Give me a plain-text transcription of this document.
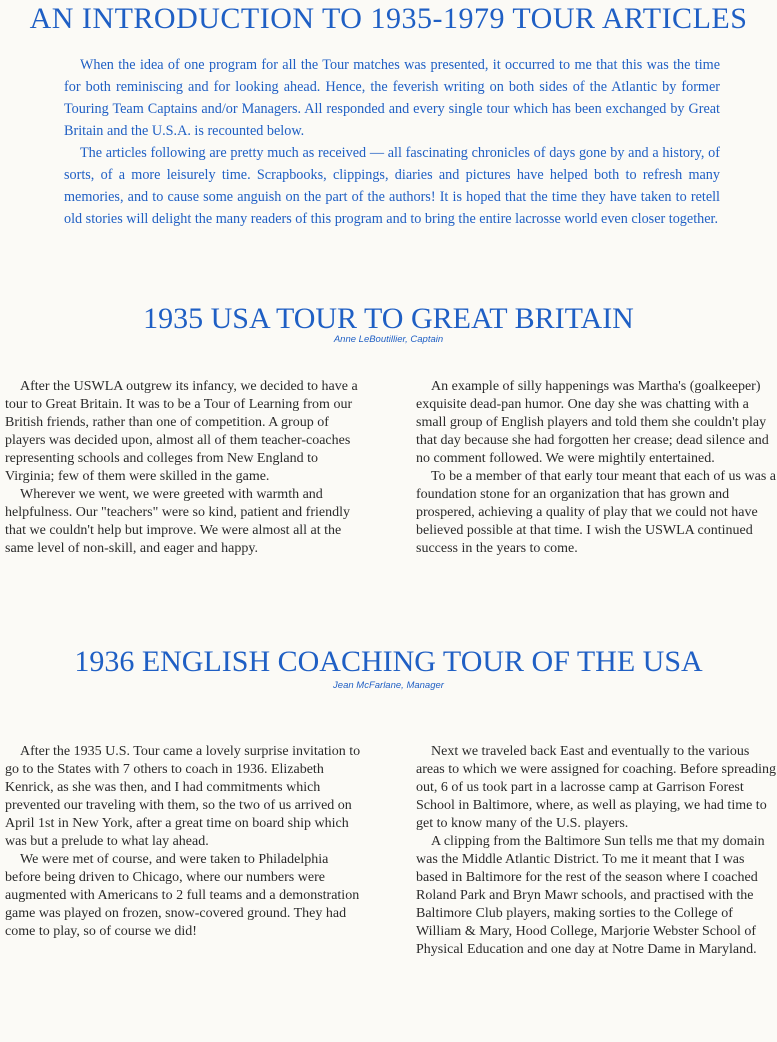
AN INTRODUCTION TO 1935-1979 TOUR ARTICLES

When the idea of one program for all the Tour matches was presented, it occurred to me that this was the time for both reminiscing and for looking ahead. Hence, the feverish writing on both sides of the Atlantic by former Touring Team Captains and/or Managers. All responded and every single tour which has been exchanged by Great Britain and the U.S.A. is recounted below.

The articles following are pretty much as received — all fascinating chronicles of days gone by and a history, of sorts, of a more leisurely time. Scrapbooks, clippings, diaries and pictures have helped both to refresh many memories, and to cause some anguish on the part of the authors! It is hoped that the time they have taken to retell old stories will delight the many readers of this program and to bring the entire lacrosse world even closer together.

1935 USA TOUR TO GREAT BRITAIN
Anne LeBoutillier, Captain

After the USWLA outgrew its infancy, we decided to have a tour to Great Britain. It was to be a Tour of Learning from our British friends, rather than one of competition. A group of players was decided upon, almost all of them teacher-coaches representing schools and colleges from New England to Virginia; few of them were skilled in the game.

Wherever we went, we were greeted with warmth and helpfulness. Our "teachers" were so kind, patient and friendly that we couldn't help but improve. We were almost all at the same level of non-skill, and eager and happy.

An example of silly happenings was Martha's (goalkeeper) exquisite dead-pan humor. One day she was chatting with a small group of English players and told them she couldn't play that day because she had forgotten her crease; dead silence and no comment followed. We were mightily entertained.

To be a member of that early tour meant that each of us was a foundation stone for an organization that has grown and prospered, achieving a quality of play that we could not have believed possible at that time. I wish the USWLA continued success in the years to come.

1936 ENGLISH COACHING TOUR OF THE USA
Jean McFarlane, Manager

After the 1935 U.S. Tour came a lovely surprise invitation to go to the States with 7 others to coach in 1936. Elizabeth Kenrick, as she was then, and I had commitments which prevented our traveling with them, so the two of us arrived on April 1st in New York, after a great time on board ship which was but a prelude to what lay ahead.

We were met of course, and were taken to Philadelphia before being driven to Chicago, where our numbers were augmented with Americans to 2 full teams and a demonstration game was played on frozen, snow-covered ground. They had come to play, so of course we did!

Next we traveled back East and eventually to the various areas to which we were assigned for coaching. Before spreading out, 6 of us took part in a lacrosse camp at Garrison Forest School in Baltimore, where, as well as playing, we had time to get to know many of the U.S. players.

A clipping from the Baltimore Sun tells me that my domain was the Middle Atlantic District. To me it meant that I was based in Baltimore for the rest of the season where I coached Roland Park and Bryn Mawr schools, and practised with the Baltimore Club players, making sorties to the College of William & Mary, Hood College, Marjorie Webster School of Physical Education and one day at Notre Dame in Maryland.
